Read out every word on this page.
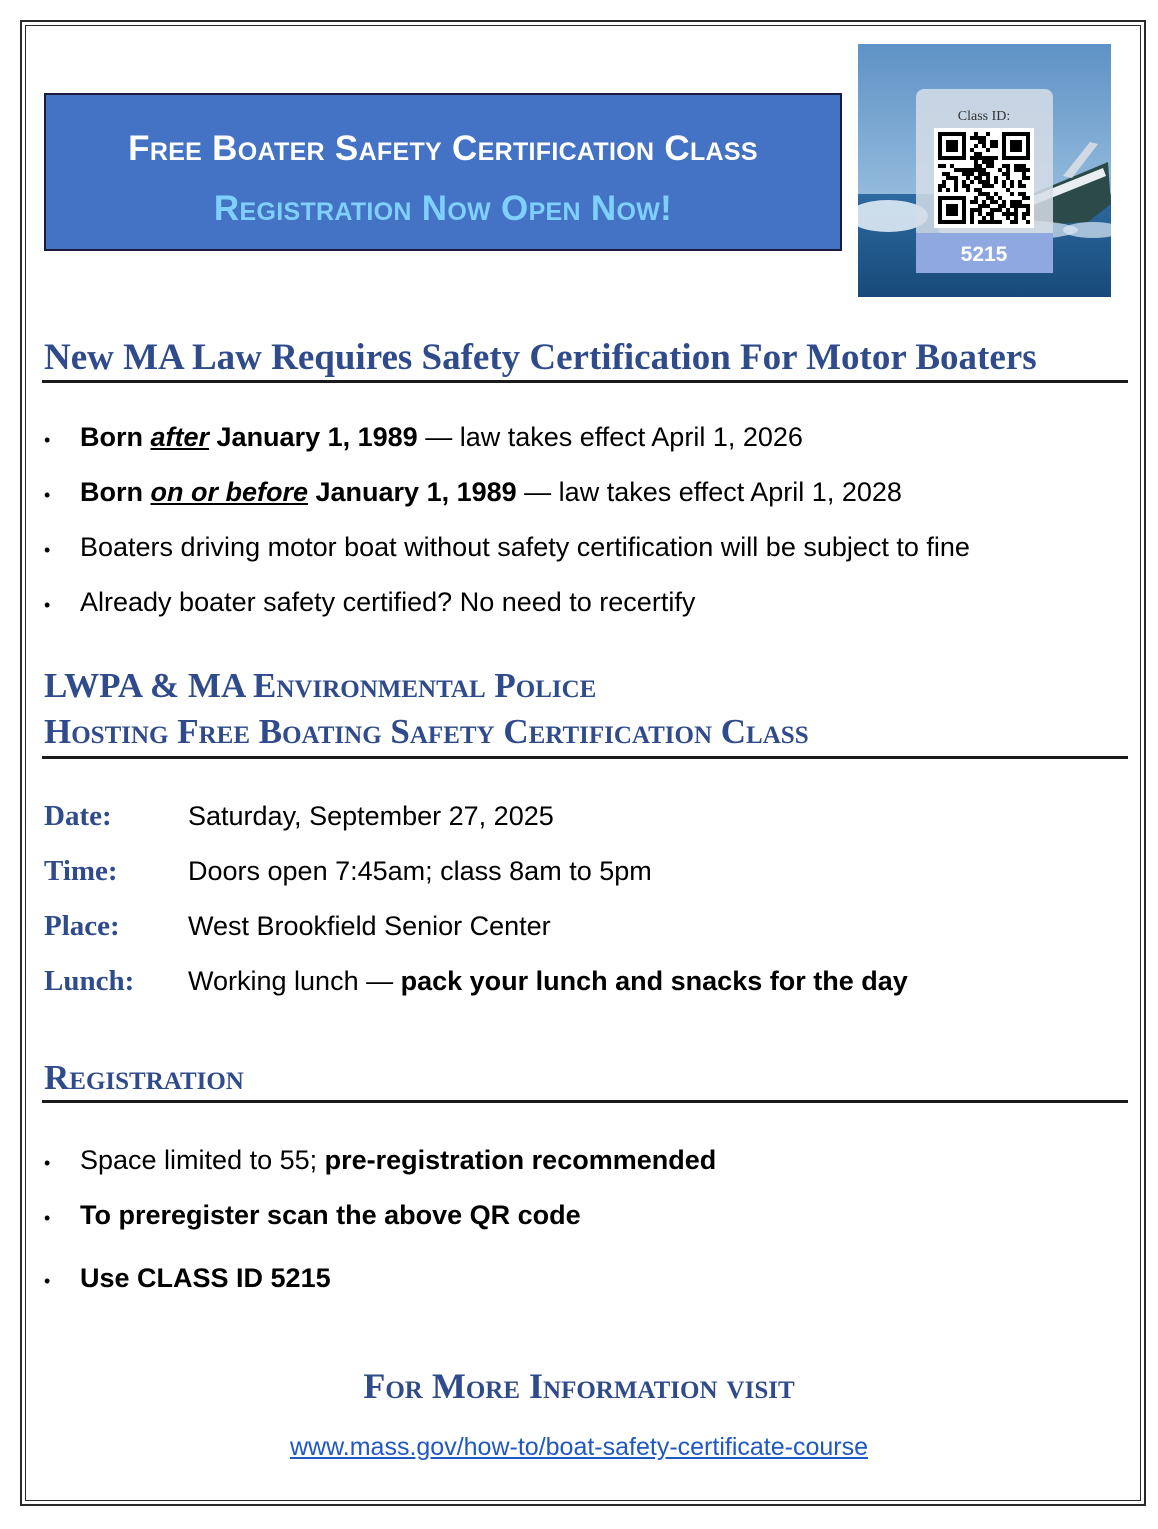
Free Boater Safety Certification Class
Registration Now Open Now!
Class ID:
5215
New MA Law Requires Safety Certification For Motor Boaters
• Born after January 1, 1989 — law takes effect April 1, 2026
• Born on or before January 1, 1989 — law takes effect April 1, 2028
• Boaters driving motor boat without safety certification will be subject to fine
• Already boater safety certified? No need to recertify
LWPA & MA Environmental Police
Hosting Free Boating Safety Certification Class
Date:	Saturday, September 27, 2025
Time:	Doors open 7:45am; class 8am to 5pm
Place:	West Brookfield Senior Center
Lunch: Working lunch — pack your lunch and snacks for the day
Registration
• Space limited to 55; pre-registration recommended
• To preregister scan the above QR code
• Use CLASS ID 5215
For More Information visit
www.mass.gov/how-to/boat-safety-certificate-course
